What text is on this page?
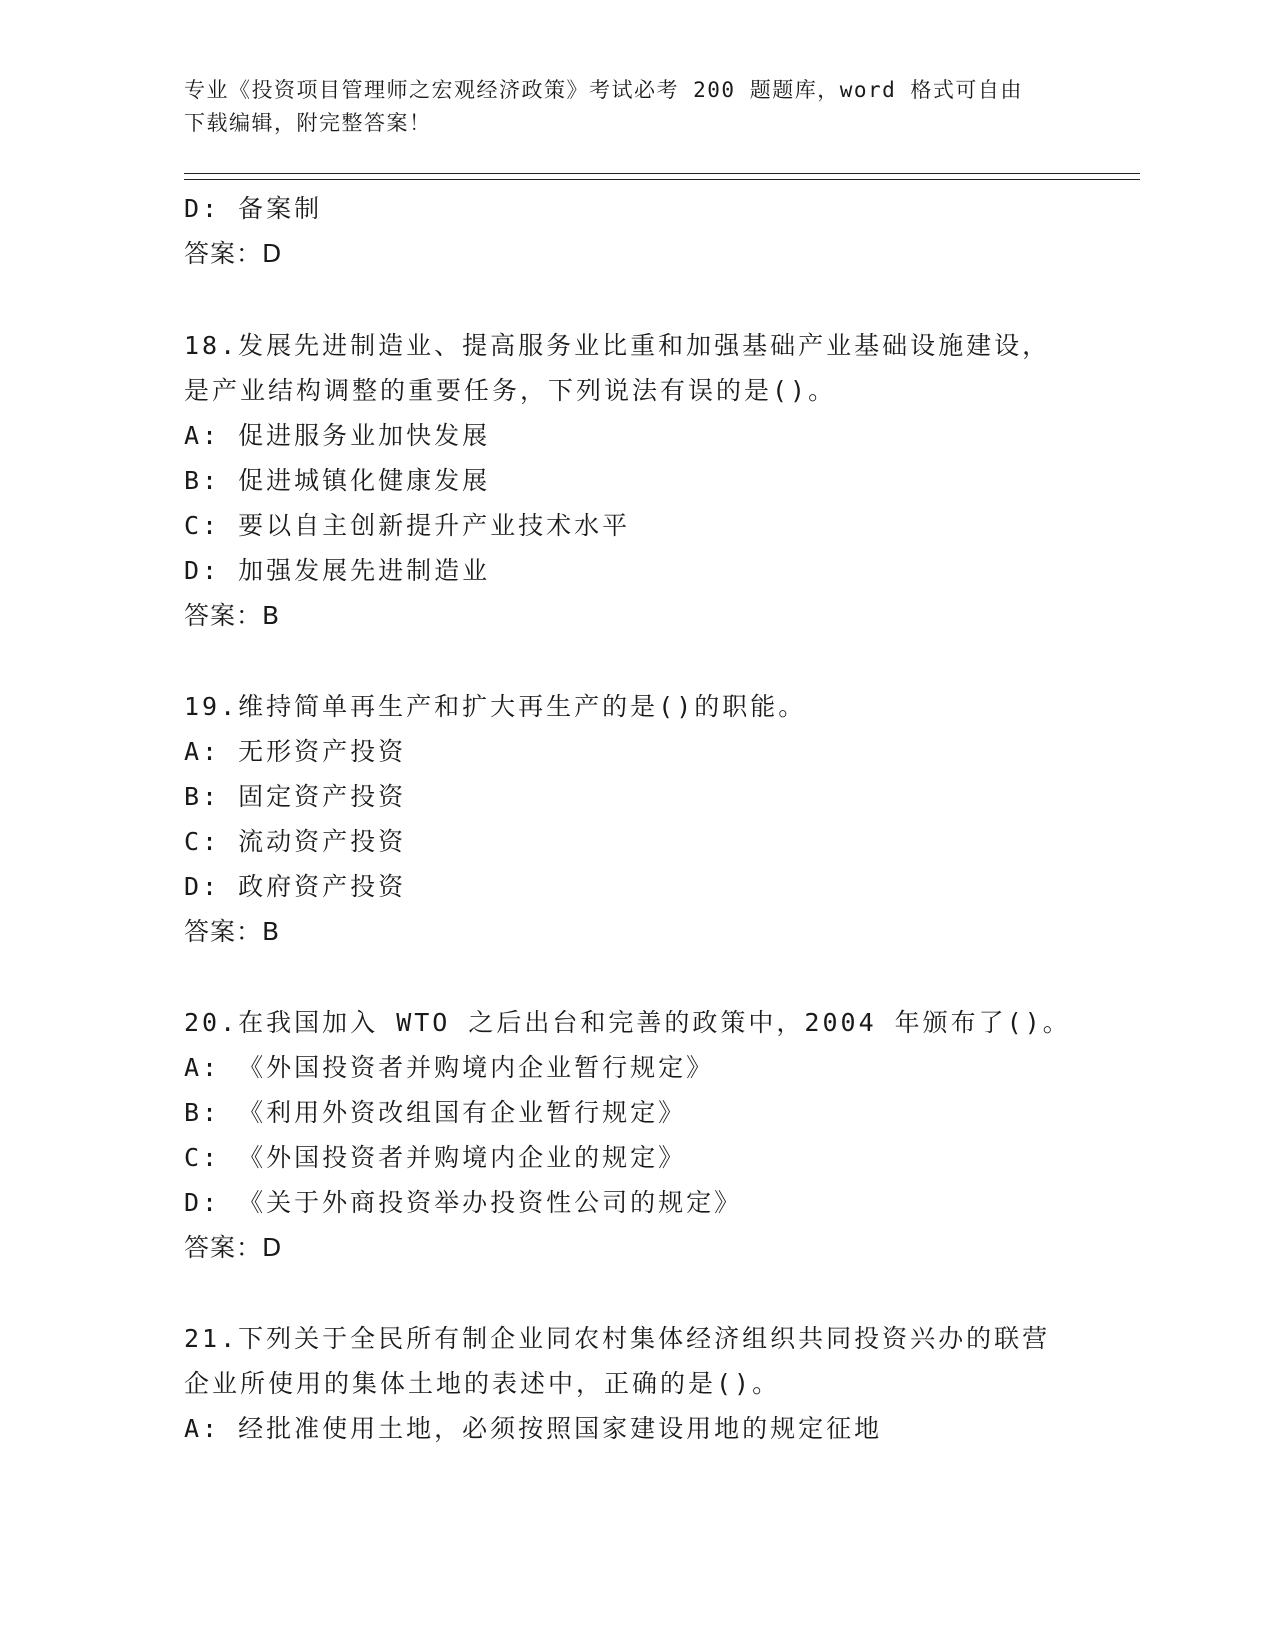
专业《投资项目管理师之宏观经济政策》考试必考 200 题题库，word 格式可自由
下载编辑，附完整答案！
D: 备案制
答案：D
18.发展先进制造业、提高服务业比重和加强基础产业基础设施建设，
是产业结构调整的重要任务，下列说法有误的是()。
A: 促进服务业加快发展
B: 促进城镇化健康发展
C: 要以自主创新提升产业技术水平
D: 加强发展先进制造业
答案：B
19.维持简单再生产和扩大再生产的是()的职能。
A: 无形资产投资
B: 固定资产投资
C: 流动资产投资
D: 政府资产投资
答案：B
20.在我国加入 WTO 之后出台和完善的政策中，2004 年颁布了()。
A: 《外国投资者并购境内企业暂行规定》
B: 《利用外资改组国有企业暂行规定》
C: 《外国投资者并购境内企业的规定》
D: 《关于外商投资举办投资性公司的规定》
答案：D
21.下列关于全民所有制企业同农村集体经济组织共同投资兴办的联营
企业所使用的集体土地的表述中，正确的是()。
A: 经批准使用土地，必须按照国家建设用地的规定征地
